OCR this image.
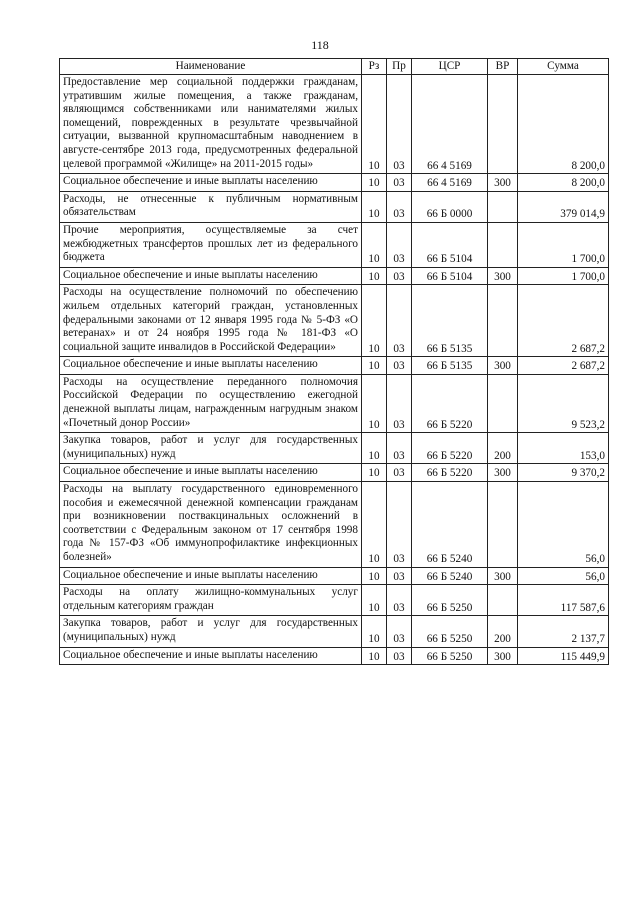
118
Наименование	Рз	Пр	ЦСР	ВР	Сумма
Предоставление мер социальной поддержки гражданам, утратившим жилые помещения, а также гражданам, являющимся собственниками или нанимателями жилых помещений, поврежденных в результате чрезвычайной ситуации, вызванной крупномасштабным наводнением в августе-сентябре 2013 года, предусмотренных федеральной целевой программой «Жилище» на 2011-2015 годы»	10	03	66 4 5169		8 200,0
Социальное обеспечение и иные выплаты населению	10	03	66 4 5169	300	8 200,0
Расходы, не отнесенные к публичным нормативным обязательствам	10	03	66 Б 0000		379 014,9
Прочие мероприятия, осуществляемые за счет межбюджетных трансфертов прошлых лет из федерального бюджета	10	03	66 Б 5104		1 700,0
Социальное обеспечение и иные выплаты населению	10	03	66 Б 5104	300	1 700,0
Расходы на осуществление полномочий по обеспечению жильем отдельных категорий граждан, установленных федеральными законами от 12 января 1995 года № 5-ФЗ «О ветеранах» и от 24 ноября 1995 года № 181-ФЗ «О социальной защите инвалидов в Российской Федерации»	10	03	66 Б 5135		2 687,2
Социальное обеспечение и иные выплаты населению	10	03	66 Б 5135	300	2 687,2
Расходы на осуществление переданного полномочия Российской Федерации по осуществлению ежегодной денежной выплаты лицам, награжденным нагрудным знаком «Почетный донор России»	10	03	66 Б 5220		9 523,2
Закупка товаров, работ и услуг для государственных (муниципальных) нужд	10	03	66 Б 5220	200	153,0
Социальное обеспечение и иные выплаты населению	10	03	66 Б 5220	300	9 370,2
Расходы на выплату государственного единовременного пособия и ежемесячной денежной компенсации гражданам при возникновении поствакцинальных осложнений в соответствии с Федеральным законом от 17 сентября 1998 года № 157-ФЗ «Об иммунопрофилактике инфекционных болезней»	10	03	66 Б 5240		56,0
Социальное обеспечение и иные выплаты населению	10	03	66 Б 5240	300	56,0
Расходы на оплату жилищно-коммунальных услуг отдельным категориям граждан	10	03	66 Б 5250		117 587,6
Закупка товаров, работ и услуг для государственных (муниципальных) нужд	10	03	66 Б 5250	200	2 137,7
Социальное обеспечение и иные выплаты населению	10	03	66 Б 5250	300	115 449,9
